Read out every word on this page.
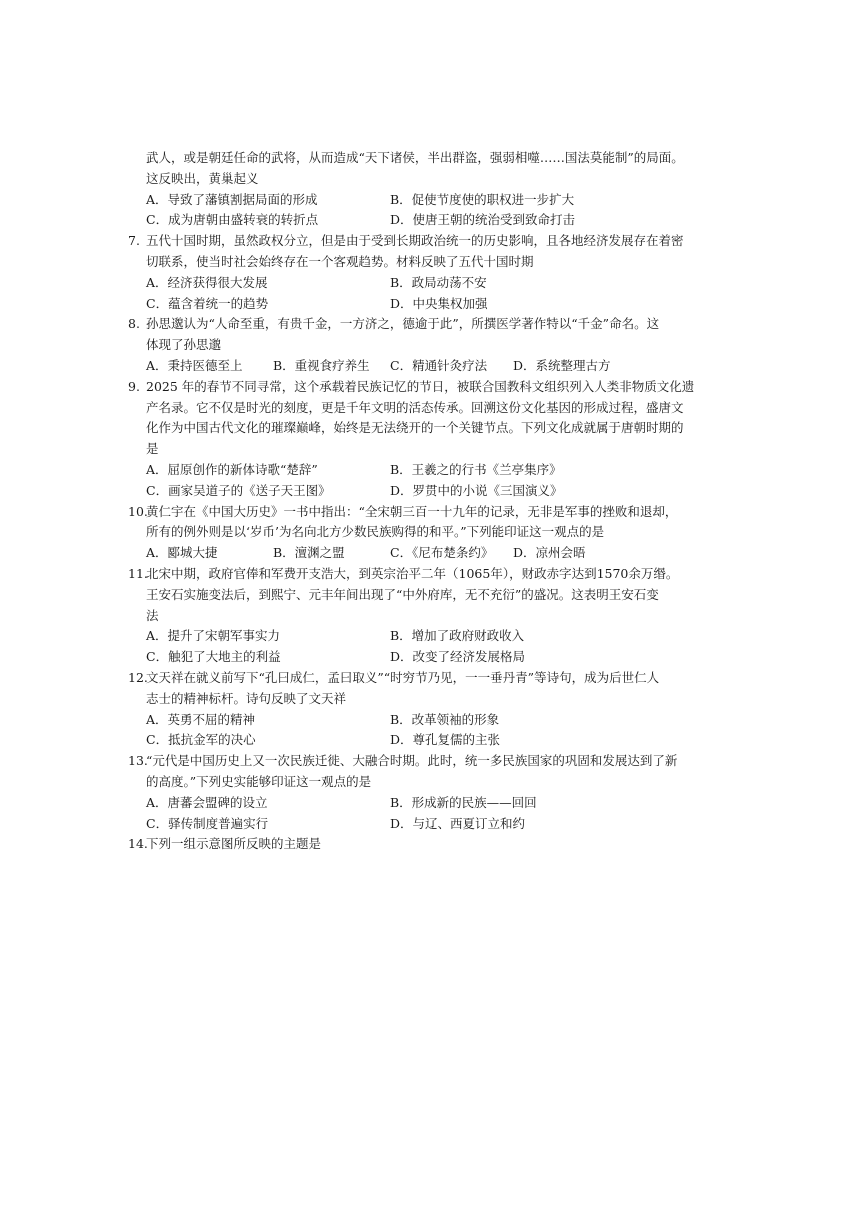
武人，或是朝廷任命的武将，从而造成“天下诸侯，半出群盗，强弱相噬……国法莫能制”的局面。
这反映出，黄巢起义
A．导致了藩镇割据局面的形成	B．促使节度使的职权进一步扩大
C．成为唐朝由盛转衰的转折点	D．使唐王朝的统治受到致命打击
7. 五代十国时期，虽然政权分立，但是由于受到长期政治统一的历史影响，且各地经济发展存在着密
切联系，使当时社会始终存在一个客观趋势。材料反映了五代十国时期
A．经济获得很大发展	B．政局动荡不安
C．蕴含着统一的趋势	D．中央集权加强
8. 孙思邈认为“人命至重，有贵千金，一方济之，德逾于此”，所撰医学著作特以“千金”命名。这
体现了孙思邈
A．秉持医德至上 B．重视食疗养生 C．精通针灸疗法 D．系统整理古方
9. 2025 年的春节不同寻常，这个承载着民族记忆的节日，被联合国教科文组织列入人类非物质文化遗
产名录。它不仅是时光的刻度，更是千年文明的活态传承。回溯这份文化基因的形成过程，盛唐文
化作为中国古代文化的璀璨巅峰，始终是无法绕开的一个关键节点。下列文化成就属于唐朝时期的
是
A．屈原创作的新体诗歌“楚辞”	B．王羲之的行书《兰亭集序》
C．画家吴道子的《送子天王图》	D．罗贯中的小说《三国演义》
10.
黄仁宇在《中国大历史》一书中指出：“全宋朝三百一十九年的记录，无非是军事的挫败和退却，
所有的例外则是以‘岁币’为名向北方少数民族购得的和平。”下列能印证这一观点的是
A．郾城大捷	B．澶渊之盟	C．《尼布楚条约》 D．凉州会晤
11.
北宋中期，政府官俸和军费开支浩大，到英宗治平二年（1065年），财政赤字达到1570余万缗。
王安石实施变法后，到熙宁、元丰年间出现了“中外府库，无不充衍”的盛况。这表明王安石变
法
A．提升了宋朝军事实力	B．增加了政府财政收入
C．触犯了大地主的利益	D．改变了经济发展格局
12.
文天祥在就义前写下“孔曰成仁，孟曰取义”“时穷节乃见，一一垂丹青”等诗句，成为后世仁人
志士的精神标杆。诗句反映了文天祥
A．英勇不屈的精神	B．改革领袖的形象
C．抵抗金军的决心	D．尊孔复儒的主张
13.
“元代是中国历史上又一次民族迁徙、大融合时期。此时，统一多民族国家的巩固和发展达到了新
的高度。”下列史实能够印证这一观点的是
A．唐蕃会盟碑的设立	B．形成新的民族——回回
C．驿传制度普遍实行	D．与辽、西夏订立和约
14.
下列一组示意图所反映的主题是
